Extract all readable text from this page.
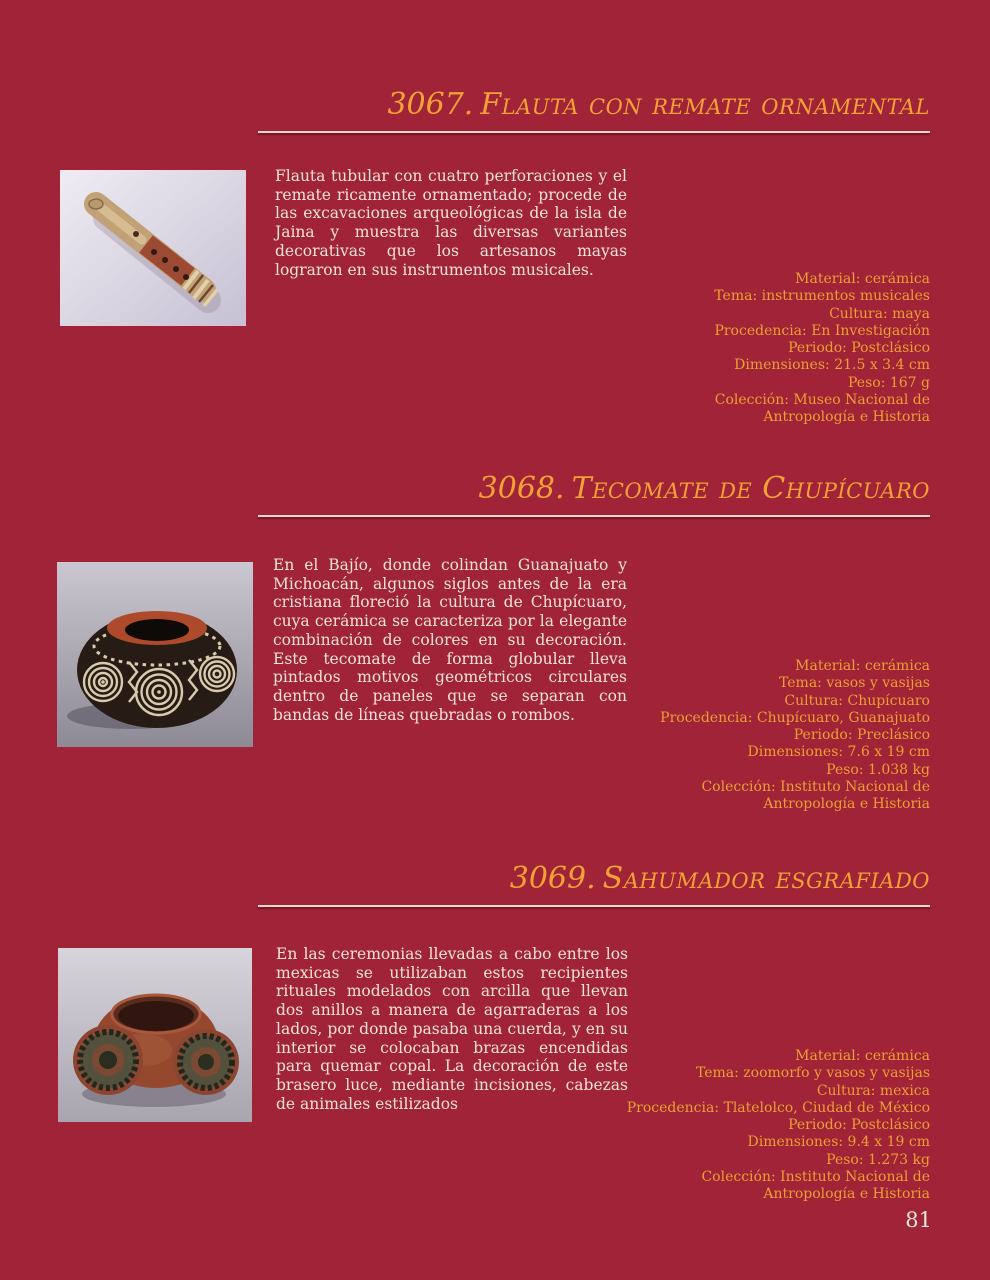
3067. Flauta con remate ornamental

Flauta tubular con cuatro perforaciones y el remate ricamente ornamentado; procede de las excavaciones arqueológicas de la isla de Jaina y muestra las diversas variantes decorativas que los artesanos mayas lograron en sus instrumentos musicales.

Material: cerámica
Tema: instrumentos musicales
Cultura: maya
Procedencia: En Investigación
Periodo: Postclásico
Dimensiones: 21.5 x 3.4 cm
Peso: 167 g
Colección: Museo Nacional de
Antropología e Historia
3068. Tecomate de Chupícuaro

En el Bajío, donde colindan Guanajuato y Michoacán, algunos siglos antes de la era cristiana floreció la cultura de Chupícuaro, cuya cerámica se caracteriza por la elegante combinación de colores en su decoración. Este tecomate de forma globular lleva pintados motivos geométricos circulares dentro de paneles que se separan con bandas de líneas quebradas o rombos.

Material: cerámica
Tema: vasos y vasijas
Cultura: Chupícuaro
Procedencia: Chupícuaro, Guanajuato
Periodo: Preclásico
Dimensiones: 7.6 x 19 cm
Peso: 1.038 kg
Colección: Instituto Nacional de
Antropología e Historia
3069. Sahumador esgrafiado

En las ceremonias llevadas a cabo entre los mexicas se utilizaban estos recipientes rituales modelados con arcilla que llevan dos anillos a manera de agarraderas a los lados, por donde pasaba una cuerda, y en su interior se colocaban brazas encendidas para quemar copal. La decoración de este brasero luce, mediante incisiones, cabezas de animales estilizados

Material: cerámica
Tema: zoomorfo y vasos y vasijas
Cultura: mexica
Procedencia: Tlatelolco, Ciudad de México
Periodo: Postclásico
Dimensiones: 9.4 x 19 cm
Peso: 1.273 kg
Colección: Instituto Nacional de
Antropología e Historia
81
